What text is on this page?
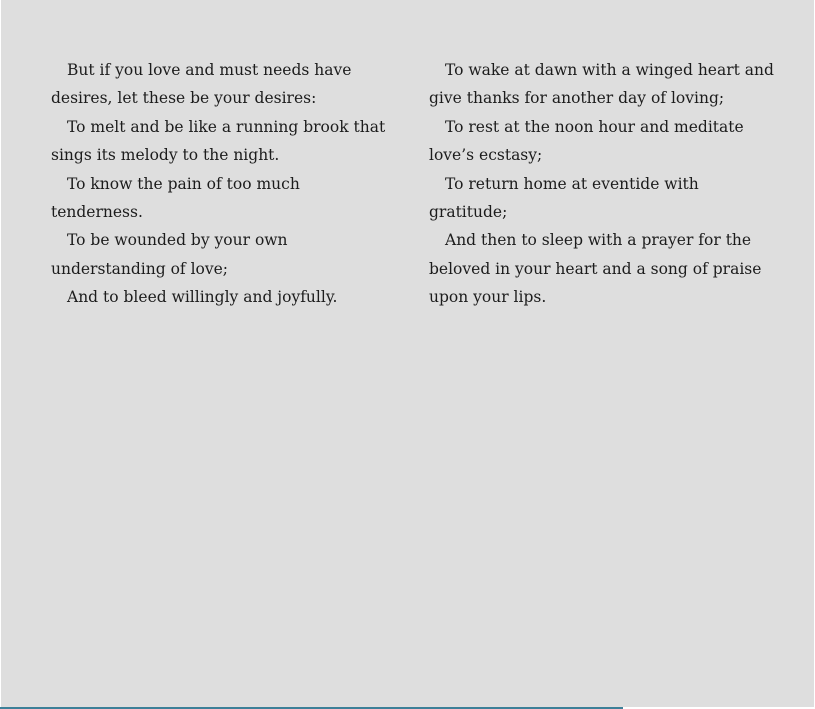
But if you love and must needs have desires, let these be your desires:

To melt and be like a running brook that sings its melody to the night.

To know the pain of too much tenderness.

To be wounded by your own understanding of love;

And to bleed willingly and joyfully.

To wake at dawn with a winged heart and give thanks for another day of loving;

To rest at the noon hour and meditate love’s ecstasy;

To return home at eventide with gratitude;

And then to sleep with a prayer for the beloved in your heart and a song of praise upon your lips.
